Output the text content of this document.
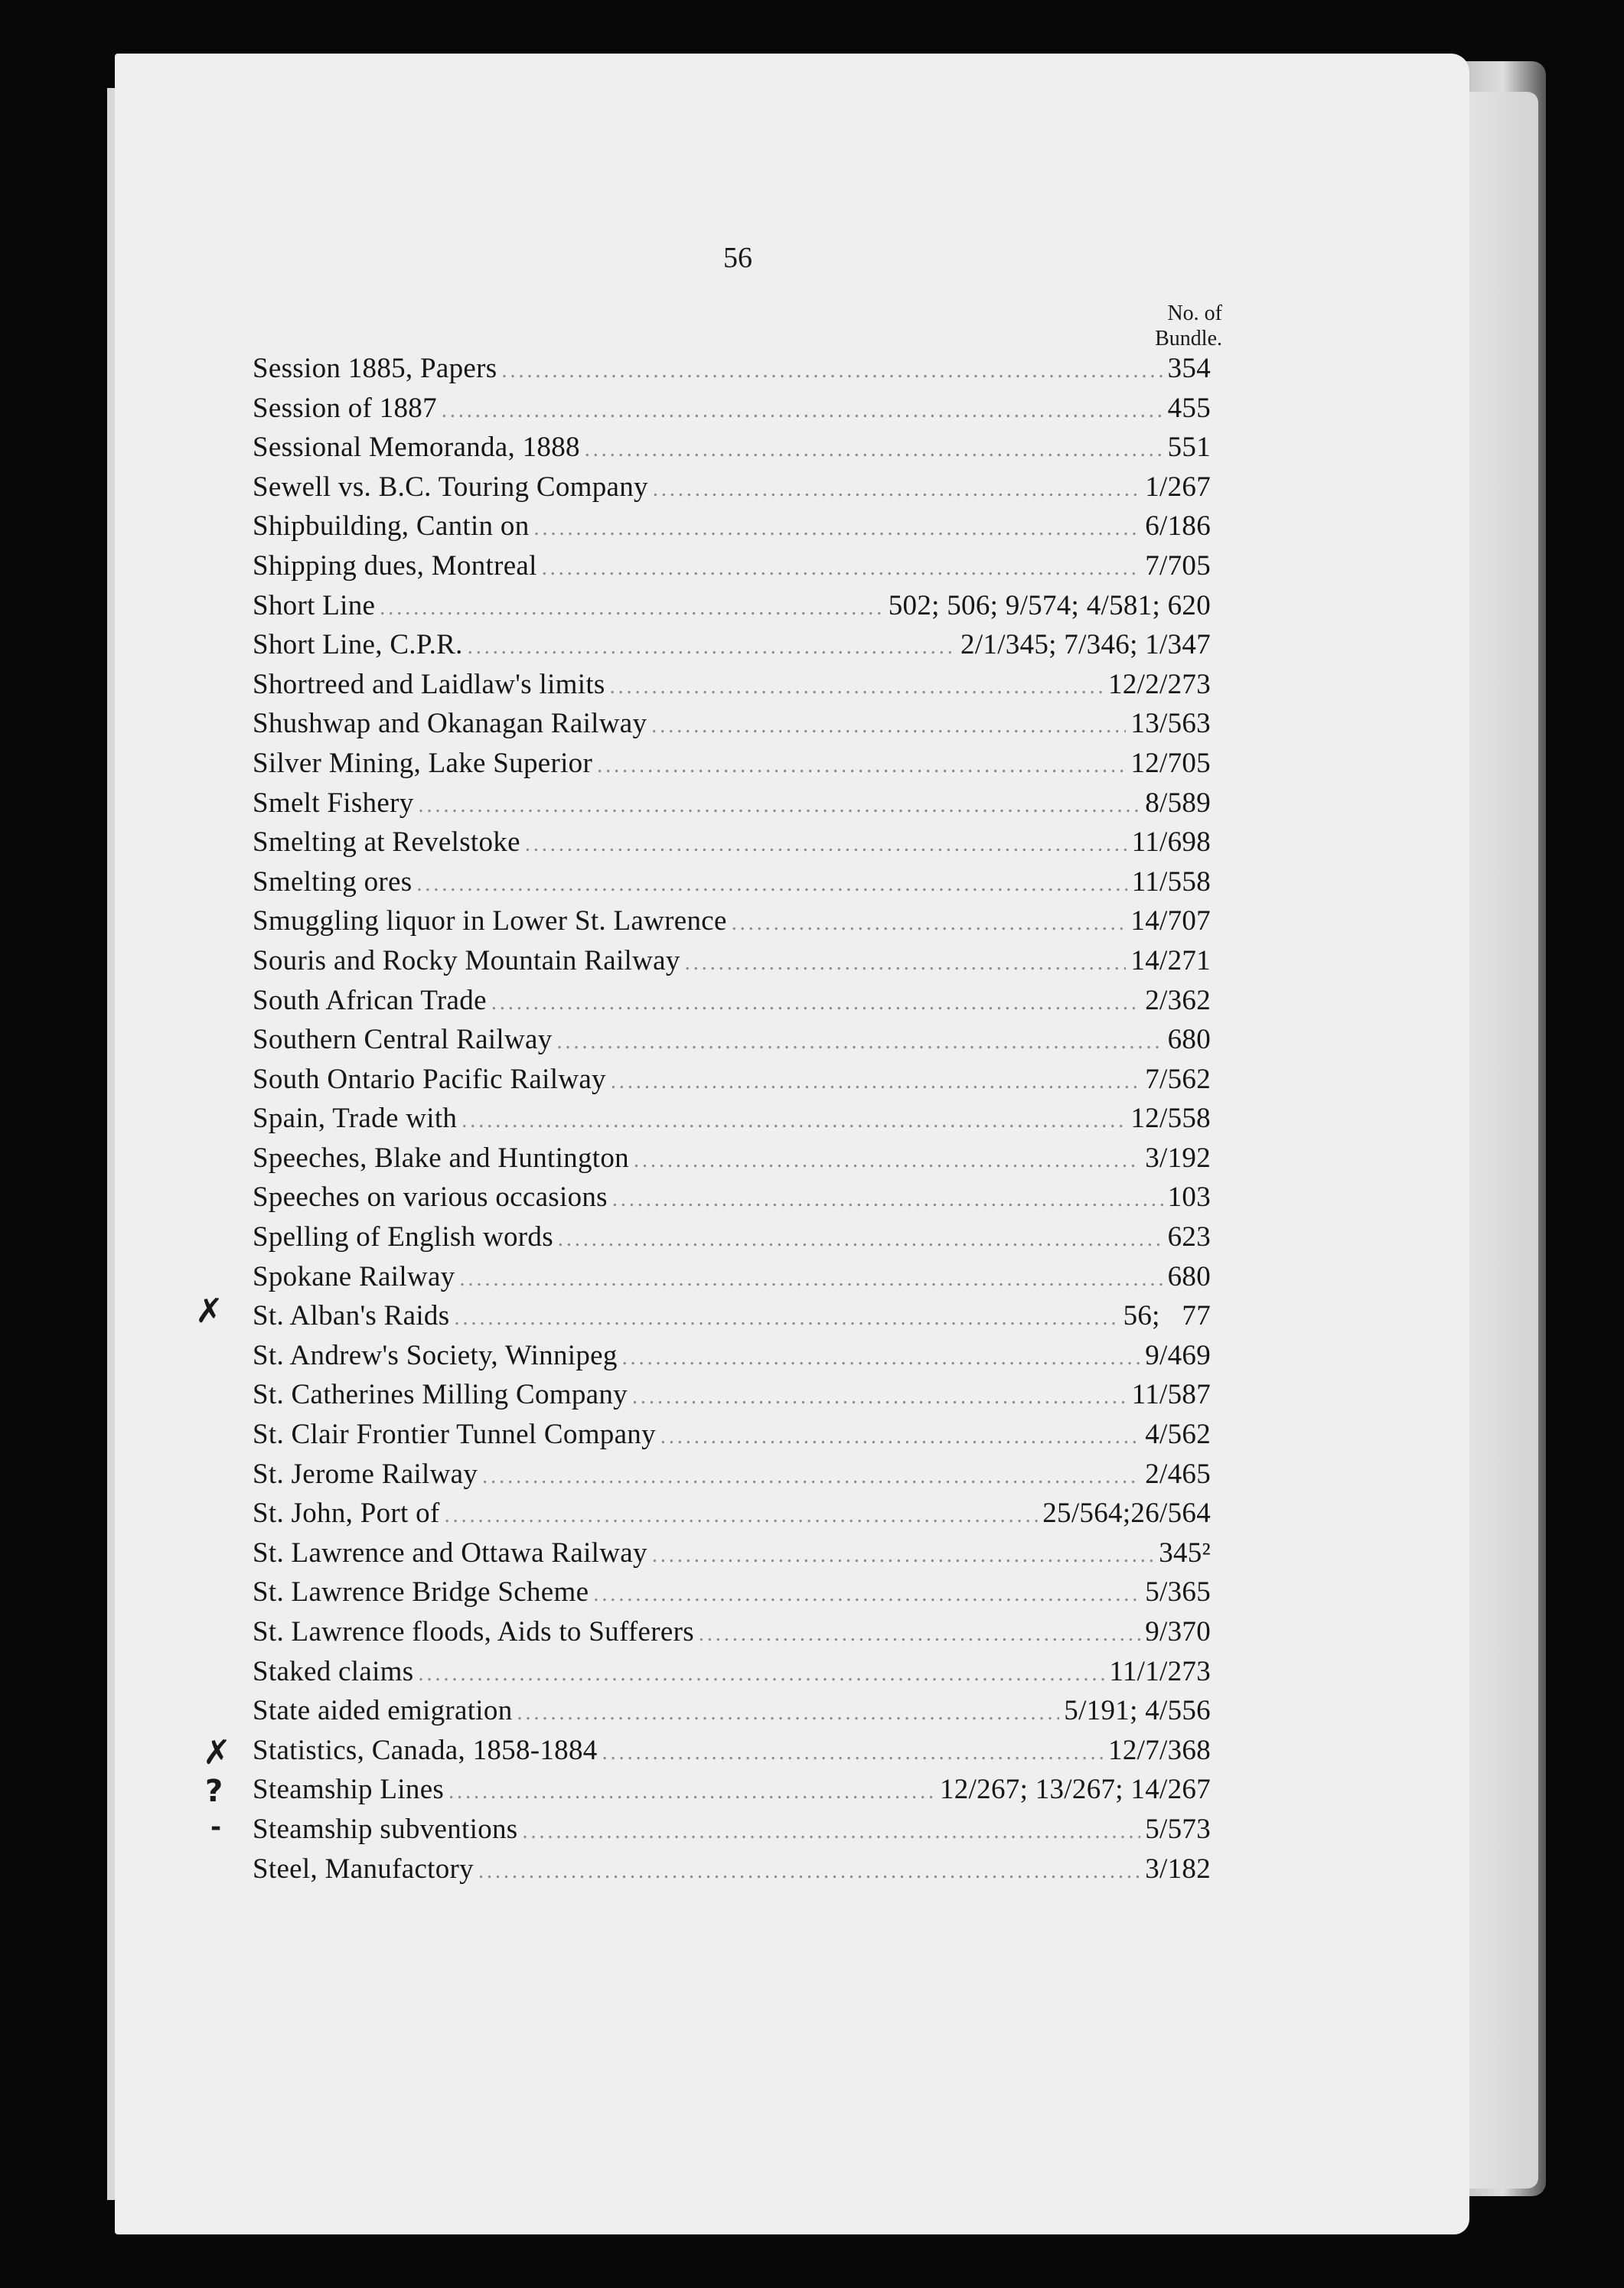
56
No. of
Bundle.
Session 1885, Papers .....	354
Session of 1887 .....	455
Sessional Memoranda, 1888 .....	551
Sewell vs. B.C. Touring Company .....	1/267
Shipbuilding, Cantin on .....	6/186
Shipping dues, Montreal .....	7/705
Short Line .....	502; 506; 9/574; 4/581; 620
Short Line, C.P.R. .....	2/1/345; 7/346; 1/347
Shortreed and Laidlaw's limits .....	12/2/273
Shushwap and Okanagan Railway .....	13/563
Silver Mining, Lake Superior .....	12/705
Smelt Fishery .....	8/589
Smelting at Revelstoke .....	11/698
Smelting ores .....	11/558
Smuggling liquor in Lower St. Lawrence .....	14/707
Souris and Rocky Mountain Railway .....	14/271
South African Trade .....	2/362
Southern Central Railway .....	680
South Ontario Pacific Railway .....	7/562
Spain, Trade with .....	12/558
Speeches, Blake and Huntington .....	3/192
Speeches on various occasions .....	103
Spelling of English words .....	623
Spokane Railway .....	680
St. Alban's Raids .....	56;   77
St. Andrew's Society, Winnipeg .....	9/469
St. Catherines Milling Company .....	11/587
St. Clair Frontier Tunnel Company .....	4/562
St. Jerome Railway .....	2/465
St. John, Port of .....	25/564;26/564
St. Lawrence and Ottawa Railway .....	345²
St. Lawrence Bridge Scheme .....	5/365
St. Lawrence floods, Aids to Sufferers .....	9/370
Staked claims .....	11/1/273
State aided emigration .....	5/191; 4/556
Statistics, Canada, 1858-1884 .....	12/7/368
Steamship Lines .....	12/267; 13/267; 14/267
Steamship subventions .....	5/573
Steel, Manufactory .....	3/182
✗
✗
?
-
